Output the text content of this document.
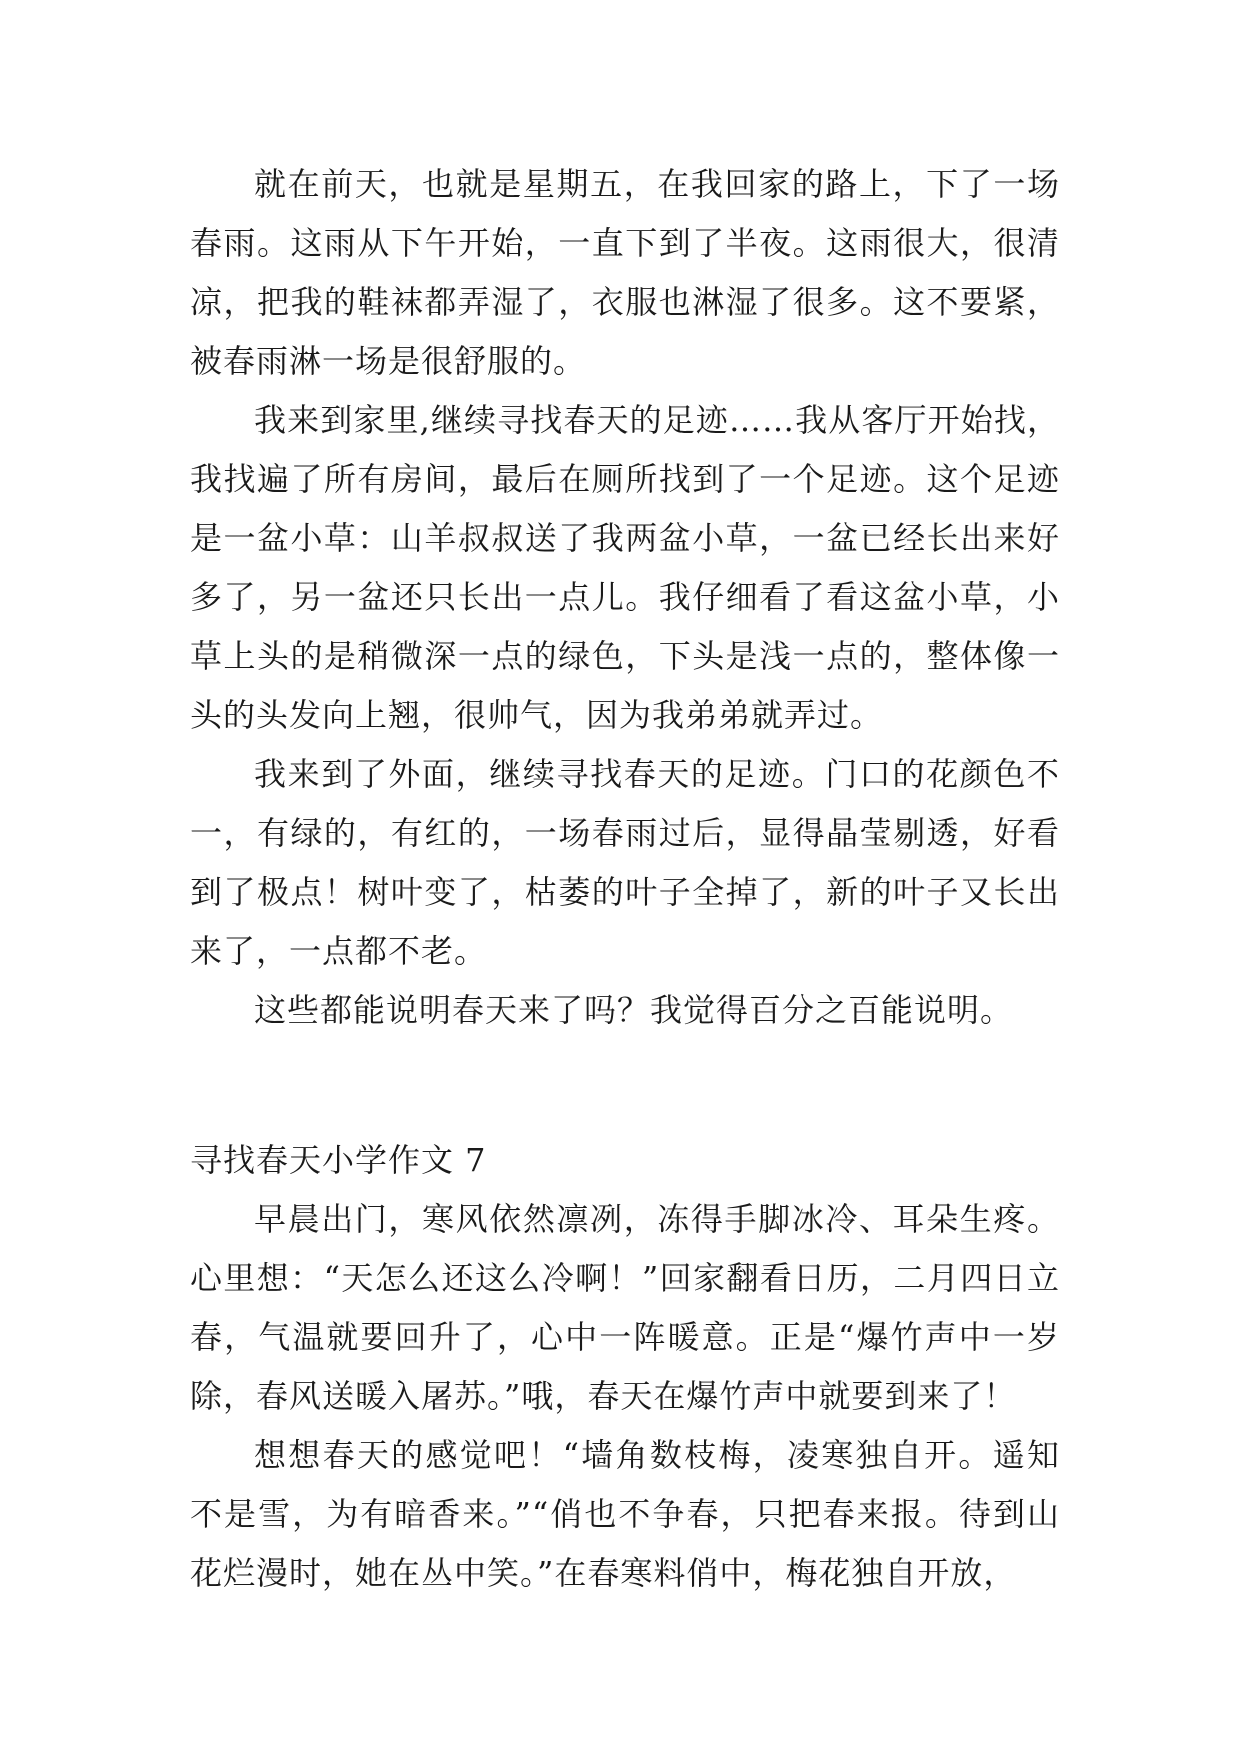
就在前天，也就是星期五，在我回家的路上，下了一场春雨。这雨从下午开始，一直下到了半夜。这雨很大，很清凉，把我的鞋袜都弄湿了，衣服也淋湿了很多。这不要紧，被春雨淋一场是很舒服的。

我来到家里,继续寻找春天的足迹……我从客厅开始找，我找遍了所有房间，最后在厕所找到了一个足迹。这个足迹是一盆小草：山羊叔叔送了我两盆小草，一盆已经长出来好多了，另一盆还只长出一点儿。我仔细看了看这盆小草，小草上头的是稍微深一点的绿色，下头是浅一点的，整体像一头的头发向上翘，很帅气，因为我弟弟就弄过。

我来到了外面，继续寻找春天的足迹。门口的花颜色不一，有绿的，有红的，一场春雨过后，显得晶莹剔透，好看到了极点！树叶变了，枯萎的叶子全掉了，新的叶子又长出来了，一点都不老。

这些都能说明春天来了吗？我觉得百分之百能说明。

寻找春天小学作文 7

早晨出门，寒风依然凛冽，冻得手脚冰冷、耳朵生疼。心里想：“天怎么还这么冷啊！”回家翻看日历，二月四日立春，气温就要回升了，心中一阵暖意。正是“爆竹声中一岁除，春风送暖入屠苏。”哦，春天在爆竹声中就要到来了！

想想春天的感觉吧！“墙角数枝梅，凌寒独自开。遥知不是雪，为有暗香来。”“俏也不争春，只把春来报。待到山花烂漫时，她在丛中笑。”在春寒料俏中，梅花独自开放，
